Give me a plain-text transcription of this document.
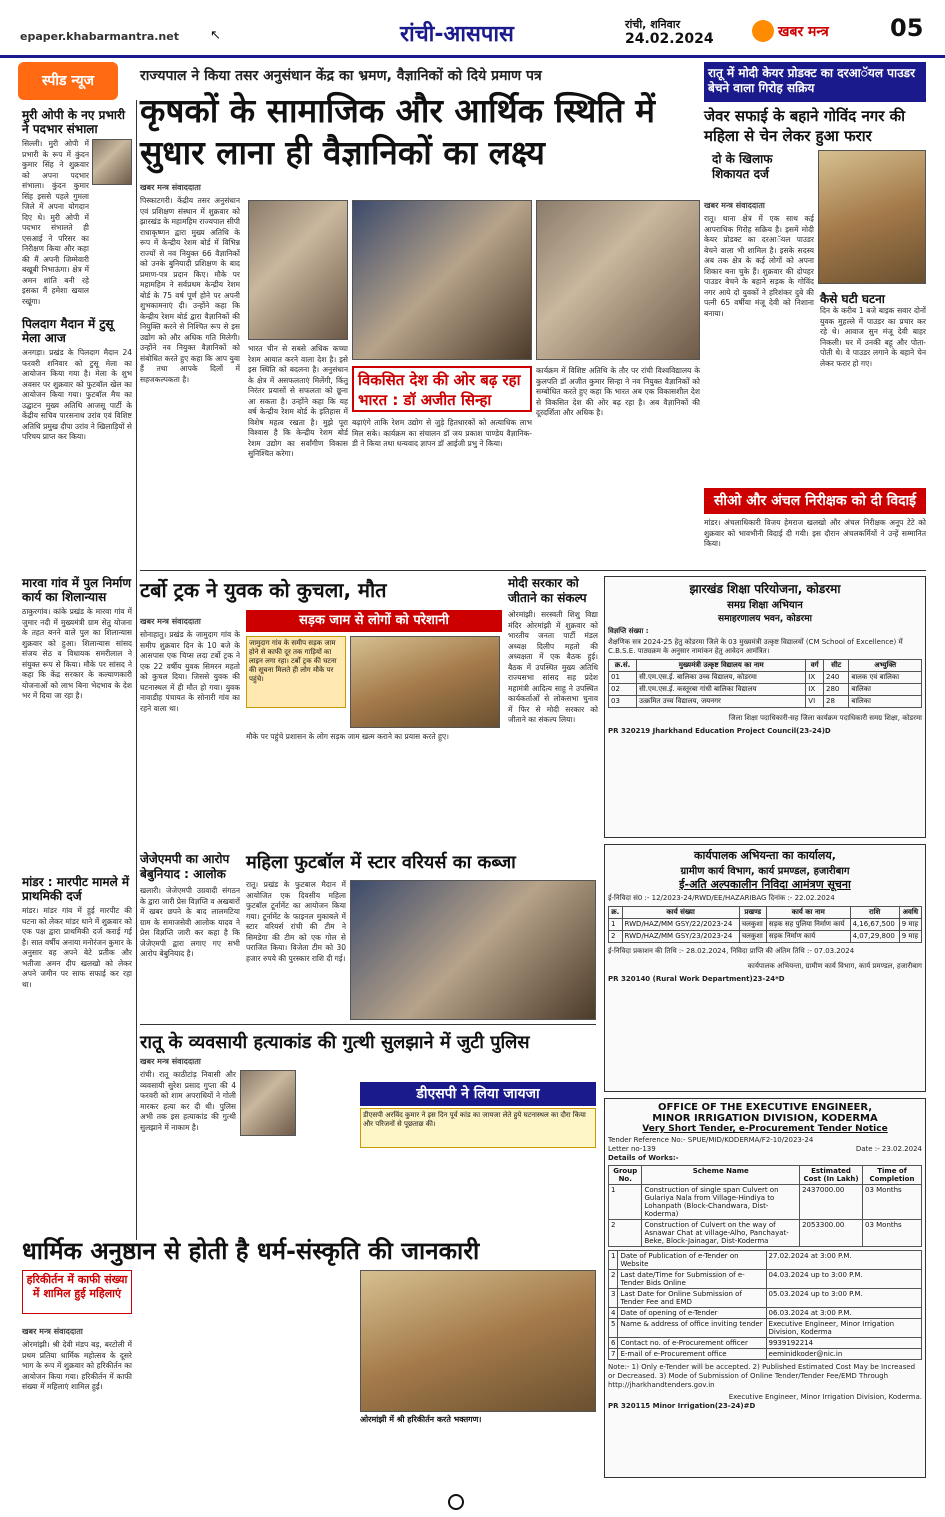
epaper.khabarmantra.net ↖	रांची-आसपास	रांची, शनिवार
24.02.2024	खबर मन्त्र	05
स्पीड न्यूज
मुरी ओपी के नए प्रभारी ने पदभार संभाला
सिल्ली। मुरी ओपी में प्रभारी के रूप में कुंदन कुमार सिंह ने शुक्रवार को अपना पदभार संभाला। कुंदन कुमार सिंह इससे पहले गुमला जिले में अपना योगदान दिए थे। मुरी ओपी में पदभार संभालते ही एसआई ने परिसर का निरीक्षण किया और कहा की मैं अपनी जिम्मेवारी बखूबी निभाऊंगा। क्षेत्र में अमन शांति बनी रहे इसका मैं हमेशा खयाल रखूंगा।
पिलदाग मैदान में टुसू मेला आज
अनगड़ा। प्रखंड के पिलदाग मैदान 24 फरवरी शनिवार को टुसू मेला का आयोजन किया गया है। मेला के शुभ अवसर पर शुक्रवार को फुटबॉल खेल का आयोजन किया गया। फुटबॉल मैच का उद्घाटन मुख्य अतिथि आजसू पार्टी के केंद्रीय सचिव पारसनाथ उरांव एवं विशिष्ट अतिथि प्रमुख दीपा उरांव ने खिलाड़ियों से परिचय प्राप्त कर किया।
मारवा गांव में पुल निर्माण कार्य का शिलान्यास
ठाकुरगांव। कांके प्रखंड के मारवा गांव में जुमार नदी में मुख्यमंत्री ग्राम सेतु योजना के तहत बनने वाले पुल का शिलान्यास शुक्रवार को हुआ। शिलान्यास सांसद संजय सेठ व विधायक समरीलाल ने संयुक्त रूप से किया। मौके पर सांसद ने कहा कि केंद्र सरकार के कल्याणकारी योजनाओं को लाभ बिना भेदभाव के देश भर में दिया जा रहा है।
मांडर : मारपीट मामले में प्राथमिकी दर्ज
मांडर। मांडर गांव में हुई मारपीट की घटना को लेकर मांडर थाने में शुक्रवार को एक पक्ष द्वारा प्राथमिकी दर्ज कराई गई है। सात वर्षीय अनाया मनोरंजन कुमार के अनुसार वह अपने बेटे प्रतीक और भतीजा अमन दीप खलखो को लेकर अपने जमीन पर साफ सफाई कर रहा था।
राज्यपाल ने किया तसर अनुसंधान केंद्र का भ्रमण, वैज्ञानिकों को दिये प्रमाण पत्र
कृषकों के सामाजिक और आर्थिक स्थिति में सुधार लाना ही वैज्ञानिकों का लक्ष्य
खबर मन्त्र संवाददाता
पिस्काटगरी। केंद्रीय तसर अनुसंधान एवं प्रशिक्षण संस्थान में शुक्रवार को झारखंड के महामहिम राज्यपाल सीपी राधाकृष्णन द्वारा मुख्य अतिथि के रूप में केन्द्रीय रेशम बोर्ड में विभिन्न राज्यों से नव नियुक्त 66 वैज्ञानिकों को उनके बुनियादी प्रशिक्षण के बाद प्रमाण-पत्र प्रदान किए। मौके पर महामहिम ने सर्वप्रथम केन्द्रीय रेशम बोर्ड के 75 वर्ष पूर्ण होने पर अपनी शुभकामनाएं दी। उन्होंने कहा कि केन्द्रीय रेशम बोर्ड द्वारा वैज्ञानिकों की नियुक्ति करने से निश्चित रूप से इस उद्योग को और अधिक गति मिलेगी। उन्होंने नव नियुक्त वैज्ञानिकों को संबोधित करते हुए कहा कि आप युवा हैं तथा आपके दिलों में सहजकल्पकता है।
भारत चीन से सबसे अधिक कच्चा रेशम आयात करने वाला देश है। इसे इस स्थिति को बदलना है। अनुसंधान के क्षेत्र में असफलताएं मिलेंगी, किंतु निरंतर प्रयासों से सफलता को छूना आ सकता है। उन्होंने कहा कि यह वर्ष केन्द्रीय रेशम बोर्ड के इतिहास में विशेष महत्व रखता है। मुझे पूरा विश्वास है कि केन्द्रीय रेशम बोर्ड रेशम उद्योग का सर्वांगीण विकास सुनिश्चित करेगा।
विकसित देश की ओर बढ़ रहा भारत : डॉ अजीत सिन्हा
कार्यक्रम में विशिष्ट अतिथि के तौर पर रांची विश्वविद्यालय के कुलपति डॉ अजीत कुमार सिन्हा ने नव नियुक्त वैज्ञानिकों को सम्बोधित करते हुए कहा कि भारत अब एक विकासशील देश से विकसित देश की ओर बढ़ रहा है। अब वैज्ञानिकों की दूरदर्शिता और अधिक है।
बढ़ाएंगे ताकि रेशम उद्योग से जुड़े हितधारकों को अत्याधिक लाभ मिल सके। कार्यक्रम का संचालन डॉ जय प्रकाश पाण्डेय वैज्ञानिक-डी ने किया तथा धन्यवाद ज्ञापन डॉ आईजी प्रभु ने किया।
रातू में मोदी केयर प्रोडक्ट का दरआॅयल पाउडर बेचने वाला गिरोह सक्रिय
जेवर सफाई के बहाने गोविंद नगर की महिला से चेन लेकर हुआ फरार
दो के खिलाफ शिकायत दर्ज
खबर मन्त्र संवाददाता
रातू। थाना क्षेत्र में एक साथ कई आपराधिक गिरोह सक्रिय है। इसमें मोदी केयर प्रोडक्ट का दरआॅयल पाउडर बेचने वाला भी शामिल है। इसके सदस्य अब तक क्षेत्र के कई लोगों को अपना शिकार बना चुके हैं। शुक्रवार की दोपहर पाउडर बेचने के बहाने सड़क के गोविंद नगर आये दो युवकों ने हरिशंकर दुबे की पत्नी 65 वर्षीया मंजू देवी को निशाना बनाया।
कैसे घटी घटना
दिन के करीब 1 बजे बाइक सवार दोनों युवक मुहल्ले में पाउडर का प्रचार कर रहे थे। आवाज सुन मंजू देवी बाहर निकली। घर में उनकी बहू और पोता-पोती थे। वे पाउडर लगाने के बहाने चेन लेकर फरार हो गए।
सीओ और अंचल निरीक्षक को दी विदाई
मांडर। अंचलाधिकारी विजय हेमराज खलखो और अंचल निरीक्षक अनूप टेटे को शुक्रवार को भावभीनी विदाई दी गयी। इस दौरान अंचलकर्मियों ने उन्हें सम्मानित किया।
टर्बो ट्रक ने युवक को कुचला, मौत
सड़क जाम से लोगों को परेशानी
खबर मन्त्र संवाददाता
सोनाहातु। प्रखंड के जामुदाग गांव के समीप शुक्रवार दिन के 10 बजे के आसपास एक चिप्स लदा टर्बो ट्रक ने एक 22 वर्षीय युवक सिमरन महतो को कुचल दिया। जिससे युवक की घटनास्थल में ही मौत हो गया। युवक नावाडीह पंचायत के सोनारी गांव का रहने वाला था।
जामुदाग गांव के समीप सड़क जाम होने से काफी दूर तक गाड़ियों का लाइन लगा रहा। टर्बो ट्रक की घटना की सूचना मिलते ही लोग मौके पर पहुंचे।
मौके पर पहुंचे प्रशासन के लोग सड़क जाम खत्म कराने का प्रयास करते हुए।
मोदी सरकार को जीताने का संकल्प
ओरमांझी। सरस्वती शिशु विद्या मंदिर ओरमांझी में शुक्रवार को भारतीय जनता पार्टी मंडल अध्यक्ष दिलीप महतो की अध्यक्षता में एक बैठक हुई। बैठक में उपस्थित मुख्य अतिथि राज्यसभा सांसद सह प्रदेश महामंत्री आदित्य साहु ने उपस्थित कार्यकर्ताओं से लोकसभा चुनाव में फिर से मोदी सरकार को जीताने का संकल्प लिया।
जेजेएमपी का आरोप बेबुनियाद : आलोक
खलारी। जेजेएमपी उग्रवादी संगठन के द्वारा जारी प्रेस विज्ञप्ति व अखबारों में खबर छपने के बाद लालमटिया ग्राम के समाजसेवी आलोक यादव ने प्रेस विज्ञप्ति जारी कर कहा है कि जेजेएमपी द्वारा लगाए गए सभी आरोप बेबुनियाद है।
महिला फुटबॉल में स्टार वरियर्स का कब्जा
रातू। प्रखंड के फुटबाल मैदान में आयोजित एक दिवसीय महिला फुटबॉल टूर्नामेंट का आयोजन किया गया। टूर्नामेंट के फाइनल मुकाबले में स्टार वरियर्स रांची की टीम ने सिमडेगा की टीम को एक गोल से पराजित किया। विजेता टीम को 30 हजार रुपये की पुरस्कार राशि दी गई।
रातू के व्यवसायी हत्याकांड की गुत्थी सुलझाने में जुटी पुलिस
खबर मन्त्र संवाददाता
रांची। रातू काठीटांड़ निवासी और व्यवसायी सुरेश प्रसाद गुप्ता की 4 फरवरी को शाम अपराधियों ने गोली मारकर हत्या कर दी थी। पुलिस अभी तक इस हत्याकांड की गुत्थी सुलझाने में नाकाम है।
डीएसपी ने लिया जायजा
डीएसपी अरविंद कुमार ने इस दिन पूर्व कांड का जायजा लेते हुये घटनास्थल का दौरा किया और परिजनों से पूछताछ की।
धार्मिक अनुष्ठान से होती है धर्म-संस्कृति की जानकारी
हरिकीर्तन में काफी संख्या में शामिल हुई महिलाएं
खबर मन्त्र संवाददाता
ओरमांझी। श्री देवी मंडप बड़, बरटोली में प्रथम प्रतिया धार्मिक महोत्सव के दूसरे भाग के रूप में शुक्रवार को हरिकीर्तन का आयोजन किया गया। हरिकीर्तन में काफी संख्या में महिलाएं शामिल हुईं।
ओरमांझी में श्री हरिकीर्तन करते भक्तगण।
झारखंड शिक्षा परियोजना, कोडरमा
समग्र शिक्षा अभियान
समाहरणालय भवन, कोडरमा
विज्ञप्ति संख्या :
शैक्षणिक सत्र 2024-25 हेतु कोडरमा जिले के 03 मुख्यमंत्री उत्कृष्ट विद्यालयों (CM School of Excellence) में C.B.S.E. पाठ्यक्रम के अनुसार नामांकन हेतु आवेदन आमंत्रित।
क्र.सं.	मुख्यमंत्री उत्कृष्ट विद्यालय का नाम	वर्ग	सीट	अभ्युक्ति
01	सी.एम.एस.ई. बालिका उच्च विद्यालय, कोडरमा	IX	240	बालक एवं बालिका
02	सी.एम.एस.ई. कस्तूरबा गांधी बालिका विद्यालय	IX	280	बालिका
03	उत्क्रमित उच्च विद्यालय, जयनगर	VI	28	बालिका
जिला शिक्षा पदाधिकारी-सह जिला कार्यक्रम पदाधिकारी समग्र शिक्षा, कोडरमा
PR 320219 Jharkhand Education Project Council(23-24)D
कार्यपालक अभियन्ता का कार्यालय,
ग्रामीण कार्य विभाग, कार्य प्रमण्डल, हजारीबाग
ई-अति अल्पकालीन निविदा आमंत्रण सूचना
ई-निविदा सं0 :- 12/2023-24/RWD/EE/HAZARIBAG दिनांक :- 22.02.2024
क्र.	कार्य संख्या	प्रखण्ड	कार्य का नाम	राशि	अवधि
1	RWD/HAZ/MM GSY/22/2023-24	चलकुशा	सड़क सह पुलिया निर्माण कार्य	4,16,67,500	9 माह
2	RWD/HAZ/MM GSY/23/2023-24	चलकुशा	सड़क निर्माण कार्य	4,07,29,800	9 माह
ई-निविदा प्रकाशन की तिथि :- 28.02.2024, निविदा प्राप्ति की अंतिम तिथि :- 07.03.2024
कार्यपालक अभियन्ता, ग्रामीण कार्य विभाग, कार्य प्रमण्डल, हजारीबाग
PR 320140 (Rural Work Department)23-24*D
OFFICE OF THE EXECUTIVE ENGINEER,
MINOR IRRIGATION DIVISION, KODERMA
Very Short Tender, e-Procurement Tender Notice
Tender Reference No:- SPUE/MID/KODERMA/F2-10/2023-24
Letter no-139	Date :- 23.02.2024
Details of Works:-
Group No.	Scheme Name	Estimated Cost (In Lakh)	Time of Completion
1	Construction of single span Culvert on Gulariya Nala from Village-Hindiya to Lohanpath (Block-Chandwara, Dist-Koderma)	2437000.00	03 Months
2	Construction of Culvert on the way of Asnawar Chat at village-Alho, Panchayat-Beke, Block-Jainagar, Dist-Koderma	2053300.00	03 Months
1	Date of Publication of e-Tender on Website	27.02.2024 at 3:00 P.M.
2	Last date/Time for Submission of e-Tender Bids Online	04.03.2024 up to 3:00 P.M.
3	Last Date for Online Submission of Tender Fee and EMD	05.03.2024 up to 3:00 P.M.
4	Date of opening of e-Tender	06.03.2024 at 3:00 P.M.
5	Name & address of office inviting tender	Executive Engineer, Minor Irrigation Division, Koderma
6	Contact no. of e-Procurement officer	9939192214
7	E-mail of e-Procurement office	eeminidkoder@nic.in
Note:- 1) Only e-Tender will be accepted. 2) Published Estimated Cost May be Increased or Decreased. 3) Mode of Submission of Online Tender/Tender Fee/EMD Through http://jharkhandtenders.gov.in
Executive Engineer, Minor Irrigation Division, Koderma.
PR 320115 Minor Irrigation(23-24)#D
